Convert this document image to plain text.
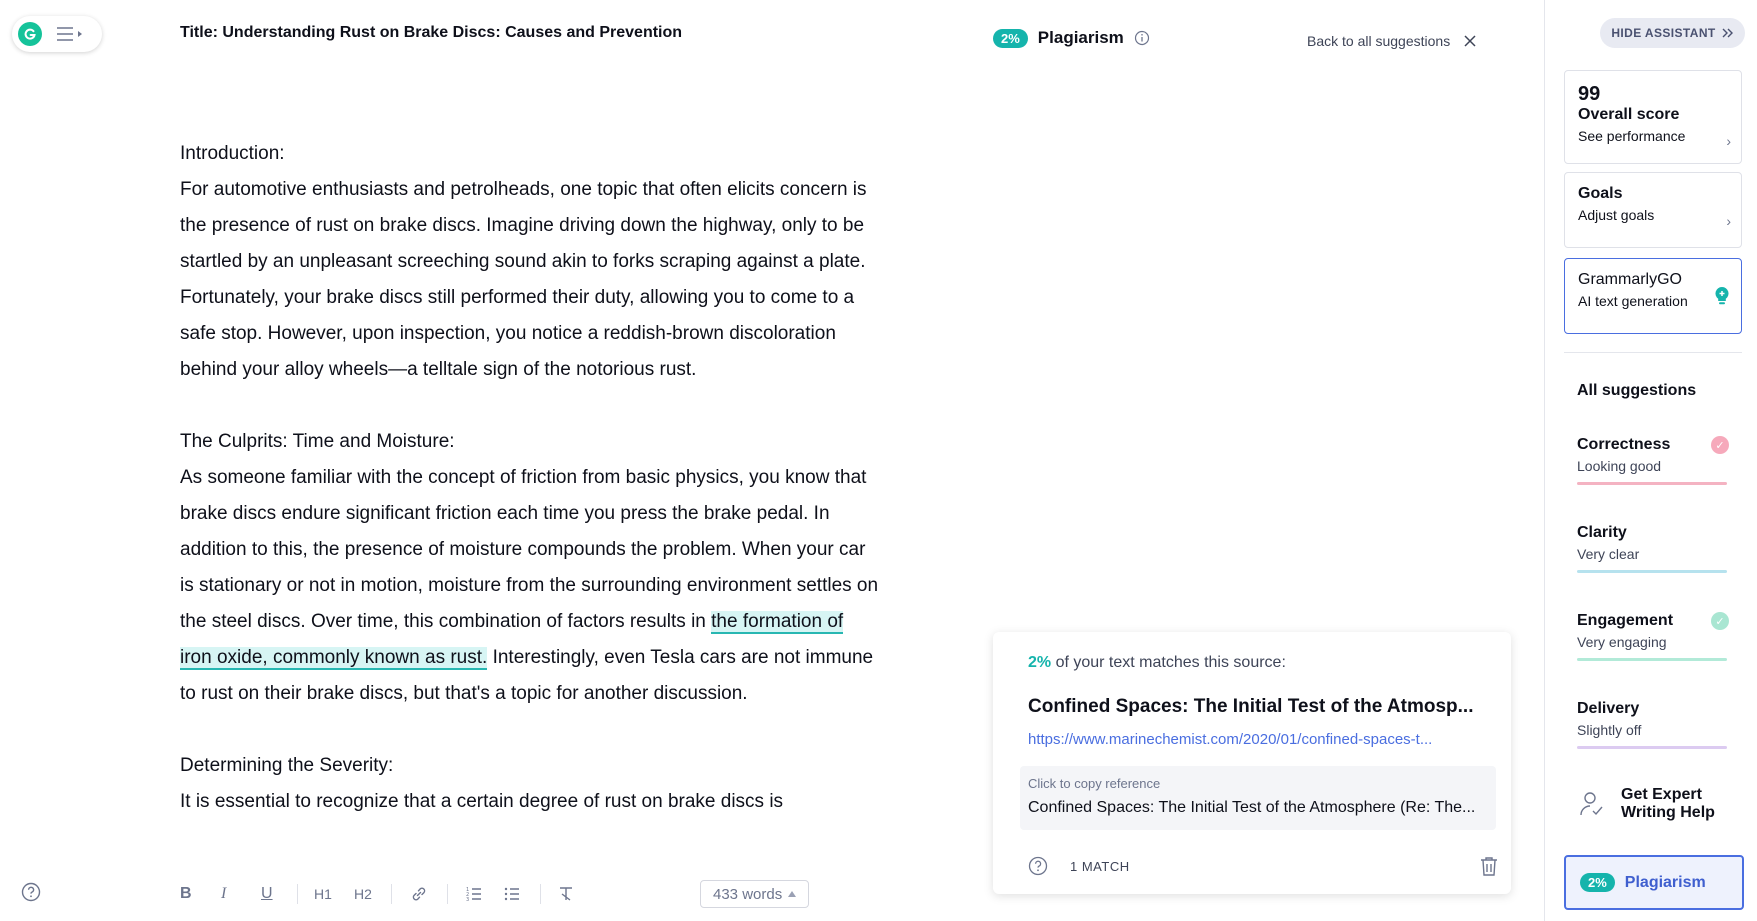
Title: Understanding Rust on Brake Discs: Causes and Prevention

Introduction:
For automotive enthusiasts and petrolheads, one topic that often elicits concern is the presence of rust on brake discs. Imagine driving down the highway, only to be startled by an unpleasant screeching sound akin to forks scraping against a plate. Fortunately, your brake discs still performed their duty, allowing you to come to a safe stop. However, upon inspection, you notice a reddish-brown discoloration behind your alloy wheels—a telltale sign of the notorious rust.

The Culprits: Time and Moisture:
As someone familiar with the concept of friction from basic physics, you know that brake discs endure significant friction each time you press the brake pedal. In addition to this, the presence of moisture compounds the problem. When your car is stationary or not in motion, moisture from the surrounding environment settles on the steel discs. Over time, this combination of factors results in the formation of iron oxide, commonly known as rust. Interestingly, even Tesla cars are not immune to rust on their brake discs, but that's a topic for another discussion.

Determining the Severity:
It is essential to recognize that a certain degree of rust on brake discs is

B I U	H1 H2	1
2
3	433 words
2%	Plagiarism	Back to all suggestions
2% of your text matches this source:
Confined Spaces: The Initial Test of the Atmosp...
https://www.marinechemist.com/2020/01/confined-spaces-t...
Click to copy reference
Confined Spaces: The Initial Test of the Atmosphere (Re: The...
1 MATCH
HIDE ASSISTANT
99
Overall score
See performance	›
Goals
Adjust goals	›
GrammarlyGO
AI text generation
All suggestions
Correctness
Looking good
✓
Clarity
Very clear
Engagement
Very engaging
✓
Delivery
Slightly off
Get Expert Writing Help
2%	Plagiarism
